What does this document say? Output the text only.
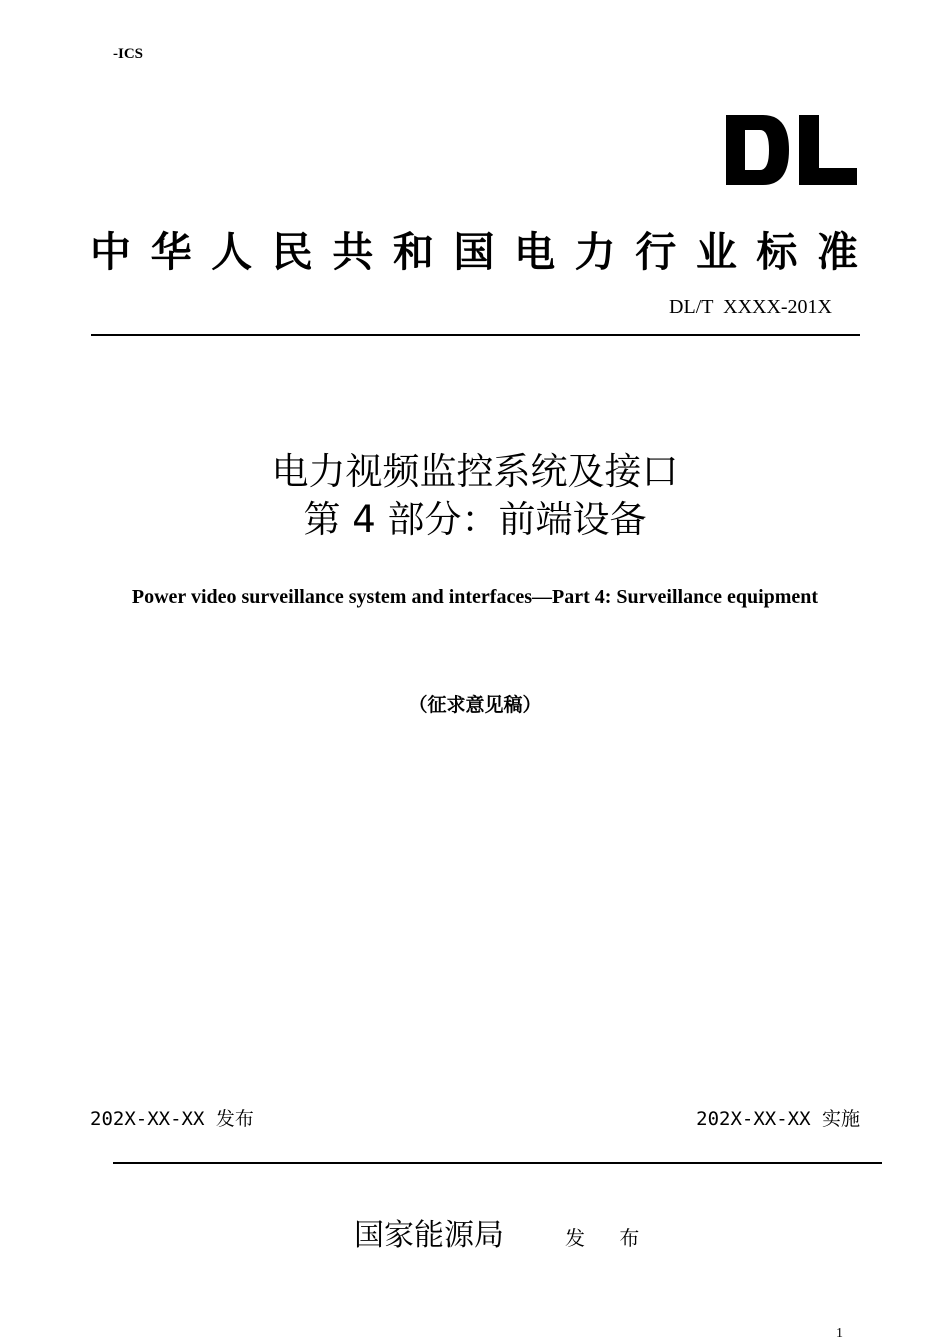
-ICS
中华人民共和国电力行业标准
DL/T  XXXX-201X
电力视频监控系统及接口
第 4 部分：前端设备
Power video surveillance system and interfaces—Part 4: Surveillance equipment
（征求意见稿）
202X-XX-XX 发布	202X-XX-XX 实施
国家能源局	发 布
1
